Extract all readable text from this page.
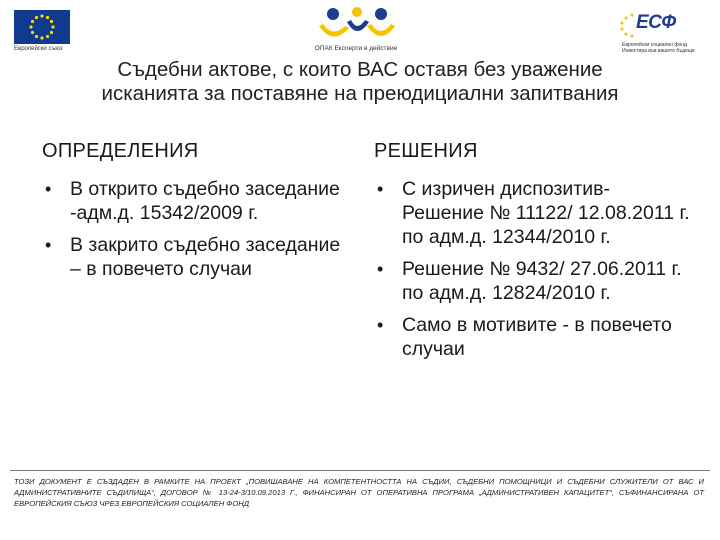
Европейски съюз	ОПАК Експерти в действие
ЕСФ
Европейски социален фонд Инвестира във вашето бъдеще
Съдебни актове, с които ВАС оставя без уважение
исканията за поставяне на преюдициални запитвания
ОПРЕДЕЛЕНИЯ
• В открито съдебно заседание -адм.д. 15342/2009 г.
• В закрито съдебно заседание – в повечето случаи
РЕШЕНИЯ
• С изричен диспозитив- Решение № 11122/ 12.08.2011 г. по адм.д. 12344/2010 г.
• Решение № 9432/ 27.06.2011 г. по адм.д. 12824/2010 г.
• Само в мотивите - в повечето случаи
ТОЗИ ДОКУМЕНТ Е СЪЗДАДЕН В РАМКИТЕ НА ПРОЕКТ „ПОВИШАВАНЕ НА КОМПЕТЕНТНОСТТА НА СЪДИИ, СЪДЕБНИ ПОМОЩНИЦИ И СЪДЕБНИ СЛУЖИТЕЛИ ОТ ВАС И АДМИНИСТРАТИВНИТЕ СЪДИЛИЩА“, ДОГОВОР № 13-24-3/10.09.2013 Г., ФИНАНСИРАН ОТ ОПЕРАТИВНА ПРОГРАМА „АДМИНИСТРАТИВЕН КАПАЦИТЕТ“, СЪФИНАНСИРАНА ОТ ЕВРОПЕЙСКИЯ СЪЮЗ ЧРЕЗ ЕВРОПЕЙСКИЯ СОЦИАЛЕН ФОНД
